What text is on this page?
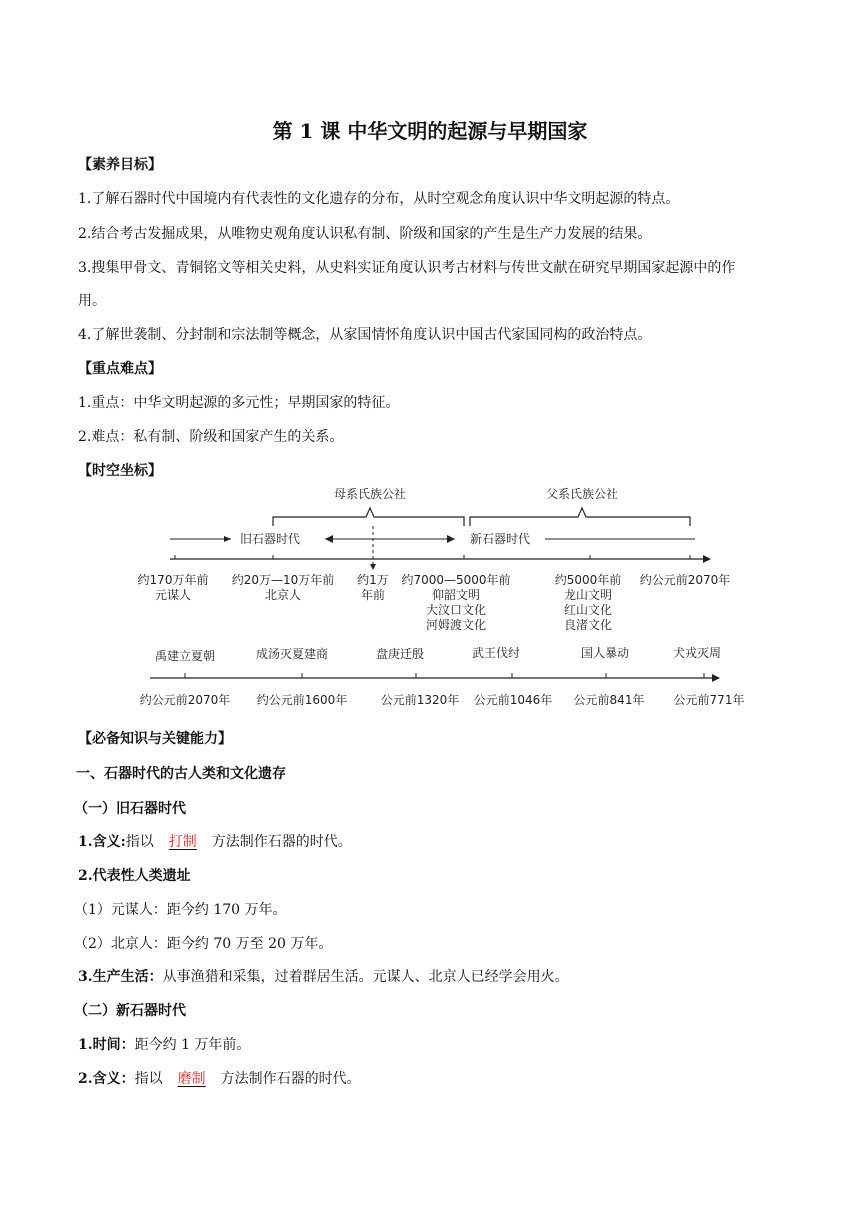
第 1 课 中华文明的起源与早期国家
【素养目标】
1.了解石器时代中国境内有代表性的文化遗存的分布，从时空观念角度认识中华文明起源的特点。
2.结合考古发掘成果，从唯物史观角度认识私有制、阶级和国家的产生是生产力发展的结果。
3.搜集甲骨文、青铜铭文等相关史料，从史料实证角度认识考古材料与传世文献在研究早期国家起源中的作
用。
4.了解世袭制、分封制和宗法制等概念，从家国情怀角度认识中国古代家国同构的政治特点。
【重点难点】
1.重点：中华文明起源的多元性；早期国家的特征。
2.难点：私有制、阶级和国家产生的关系。
【时空坐标】
母系氏族公社	父系氏族公社
旧石器时代	新石器时代
约170万年前
元谋人
约20万—10万年前
北京人
约1万
年前
约7000—5000年前
仰韶文明
大汶口文化
河姆渡文化
约5000年前
龙山文明
红山文化
良渚文化
约公元前2070年
禹建立夏朝	成汤灭夏建商	盘庚迁殷	武王伐纣	国人暴动	犬戎灭周
约公元前2070年 约公元前1600年	公元前1320年 公元前1046年 公元前841年 公元前771年
【必备知识与关键能力】
一、石器时代的古人类和文化遗存
（一）旧石器时代
1.含义:指以 打制 方法制作石器的时代。
2.代表性人类遗址
（1）元谋人：距今约 170 万年。
（2）北京人：距今约 70 万至 20 万年。
3.生产生活：从事渔猎和采集，过着群居生活。元谋人、北京人已经学会用火。
（二）新石器时代
1.时间：距今约 1 万年前。
2.含义：指以 磨制 方法制作石器的时代。
